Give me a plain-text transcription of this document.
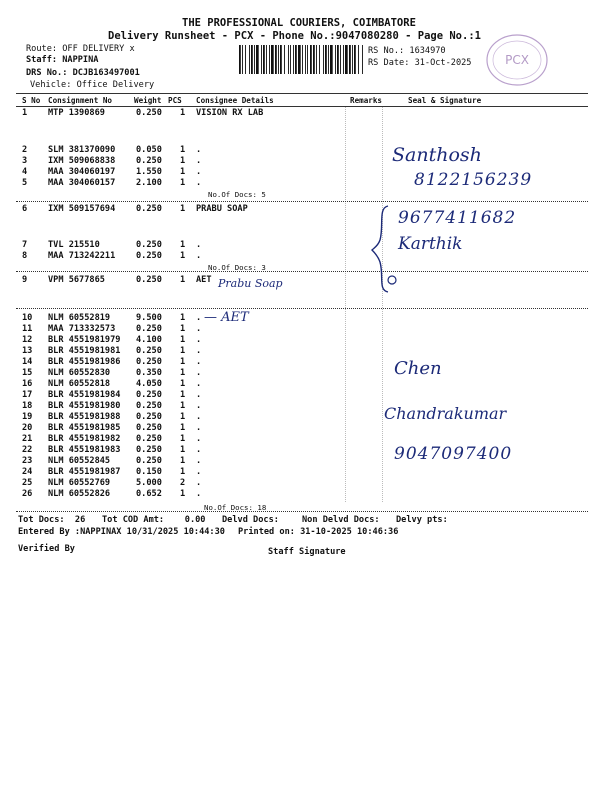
THE PROFESSIONAL COURIERS, COIMBATORE
Delivery Runsheet - PCX - Phone No.:9047080280 - Page No.:1
Route: OFF DELIVERY x
Staff: NAPPINA
DRS No.: DCJB163497001
Vehicle: Office Delivery
RS No.: 1634970
RS Date: 31-Oct-2025	PCX
S No Consignment No	Weight PCS Consignee Details	Remarks	Seal & Signature
1 MTP 1390869	0.250 1 VISION RX LAB
2 SLM 381370090 0.050 1 .
3 IXM 509068838 0.250 1 .
4 MAA 304060197 1.550 1 .
5 MAA 304060157 2.100 1 .
6 IXM 509157694 0.250 1 PRABU SOAP
7 TVL 215510	0.250 1 .
8 MAA 713242211 0.250 1 .
9 VPM 5677865	0.250 1 AET
10 NLM 60552819	9.500 1 .
11 MAA 713332573 0.250 1 .
12 BLR 4551981979 4.100 1 .
13 BLR 4551981981 0.250 1 .
14 BLR 4551981986 0.250 1 .
15 NLM 60552830	0.350 1 .
16 NLM 60552818	4.050 1 .
17 BLR 4551981984 0.250 1 .
18 BLR 4551981980 0.250 1 .
19 BLR 4551981988 0.250 1 .
20 BLR 4551981985 0.250 1 .
21 BLR 4551981982 0.250 1 .
22 BLR 4551981983 0.250 1 .
23 NLM 60552845	0.250 1 .
24 BLR 4551981987 0.150 1 .
25 NLM 60552769	5.000 2 .
26 NLM 60552826	0.652 1 .
No.Of Docs: 5
No.Of Docs: 3
No.Of Docs: 18
Prabu Soap
— AET
Santhosh
8122156239
9677411682
Karthik
Chen
Chandrakumar
9047097400
Tot Docs:  26 Tot COD Amt:    0.00 Delvd Docs:	Non Delvd Docs: Delvy pts:
Entered By :NAPPINAX 10/31/2025 10:44:30 Printed on: 31-10-2025 10:46:36
Verified By	Staff Signature
